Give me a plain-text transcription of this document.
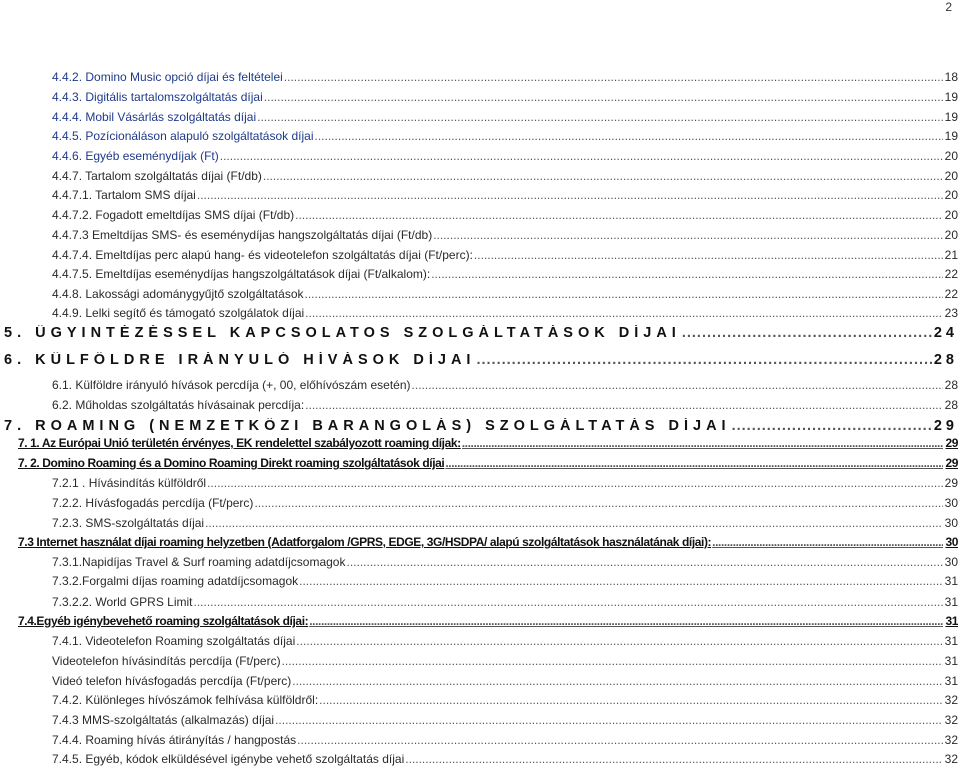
2
4.4.2. Domino Music opció díjai és feltételei .....	18
4.4.3. Digitális tartalomszolgáltatás díjai .....	19
4.4.4. Mobil Vásárlás szolgáltatás díjai .....	19
4.4.5. Pozícionáláson alapuló szolgáltatások díjai .....	19
4.4.6. Egyéb eseménydíjak (Ft) .....	20
4.4.7. Tartalom szolgáltatás díjai (Ft/db) .....	20
4.4.7.1. Tartalom SMS díjai .....	20
4.4.7.2. Fogadott emeltdíjas SMS díjai (Ft/db) .....	20
4.4.7.3 Emeltdíjas SMS- és eseménydíjas hangszolgáltatás díjai (Ft/db) .....	20
4.4.7.4. Emeltdíjas perc alapú hang- és videotelefon szolgáltatás díjai (Ft/perc): .....	21
4.4.7.5. Emeltdíjas eseménydíjas hangszolgáltatások díjai (Ft/alkalom): .....	22
4.4.8. Lakossági adománygyűjtő szolgáltatások .....	22
4.4.9. Lelki segítő és támogató szolgálatok díjai .....	23
5. ÜGYINTÉZÉSSEL KAPCSOLATOS SZOLGÁLTATÁSOK DÍJAI .....	24
6. KÜLFÖLDRE IRÁNYULÓ HÍVÁSOK DÍJAI .....	28
6.1. Külföldre irányuló hívások percdíja (+, 00, előhívószám esetén) .....	28
6.2. Műholdas szolgáltatás hívásainak percdíja: .....	28
7. ROAMING (NEMZETKÖZI BARANGOLÁS) SZOLGÁLTATÁS DÍJAI .....	29
7. 1. Az Európai Unió területén érvényes, EK rendelettel szabályozott roaming díjak: .....	29
7. 2. Domino Roaming és a Domino Roaming Direkt roaming szolgáltatások díjai .....	29
7.2.1 . Hívásindítás külföldről .....	29
7.2.2. Hívásfogadás percdíja (Ft/perc) .....	30
7.2.3. SMS-szolgáltatás díjai .....	30
7.3 Internet használat díjai roaming helyzetben (Adatforgalom /GPRS, EDGE, 3G/HSDPA/ alapú szolgáltatások használatának díjai): .....	30
7.3.1.Napidíjas Travel & Surf roaming adatdíjcsomagok .....	30
7.3.2.Forgalmi díjas roaming adatdíjcsomagok .....	31
7.3.2.2. World GPRS Limit .....	31
7.4.Egyéb igénybevehető roaming szolgáltatások díjai: .....	31
7.4.1. Videotelefon Roaming szolgáltatás díjai .....	31
Videotelefon hívásindítás percdíja (Ft/perc) .....	31
Videó telefon hívásfogadás percdíja (Ft/perc) .....	31
7.4.2. Különleges hívószámok felhívása külföldről: .....	32
7.4.3 MMS-szolgáltatás (alkalmazás) díjai .....	32
7.4.4. Roaming hívás átirányítás / hangpostás .....	32
7.4.5. Egyéb, kódok elküldésével igénybe vehető szolgáltatás díjai .....	32
